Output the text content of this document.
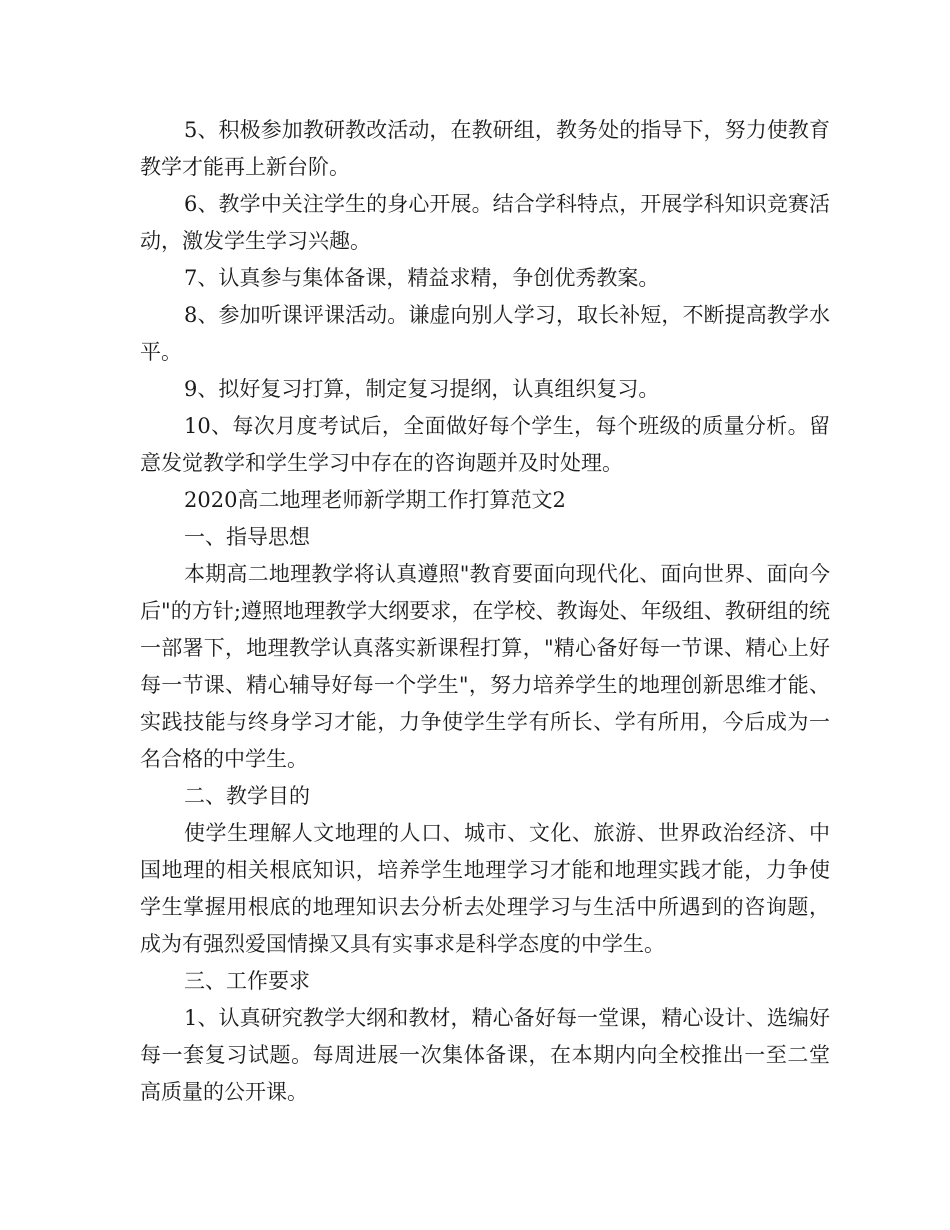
5、积极参加教研教改活动，在教研组，教务处的指导下，努力使教育教学才能再上新台阶。

6、教学中关注学生的身心开展。结合学科特点，开展学科知识竞赛活动，激发学生学习兴趣。

7、认真参与集体备课，精益求精，争创优秀教案。

8、参加听课评课活动。谦虚向别人学习，取长补短，不断提高教学水平。

9、拟好复习打算，制定复习提纲，认真组织复习。

10、每次月度考试后，全面做好每个学生，每个班级的质量分析。留意发觉教学和学生学习中存在的咨询题并及时处理。

2020高二地理老师新学期工作打算范文2

一、指导思想

本期高二地理教学将认真遵照"教育要面向现代化、面向世界、面向今后"的方针;遵照地理教学大纲要求，在学校、教诲处、年级组、教研组的统一部署下，地理教学认真落实新课程打算，"精心备好每一节课、精心上好每一节课、精心辅导好每一个学生"，努力培养学生的地理创新思维才能、实践技能与终身学习才能，力争使学生学有所长、学有所用，今后成为一名合格的中学生。

二、教学目的

使学生理解人文地理的人口、城市、文化、旅游、世界政治经济、中国地理的相关根底知识，培养学生地理学习才能和地理实践才能，力争使学生掌握用根底的地理知识去分析去处理学习与生活中所遇到的咨询题，成为有强烈爱国情操又具有实事求是科学态度的中学生。

三、工作要求

1、认真研究教学大纲和教材，精心备好每一堂课，精心设计、选编好每一套复习试题。每周进展一次集体备课，在本期内向全校推出一至二堂高质量的公开课。
